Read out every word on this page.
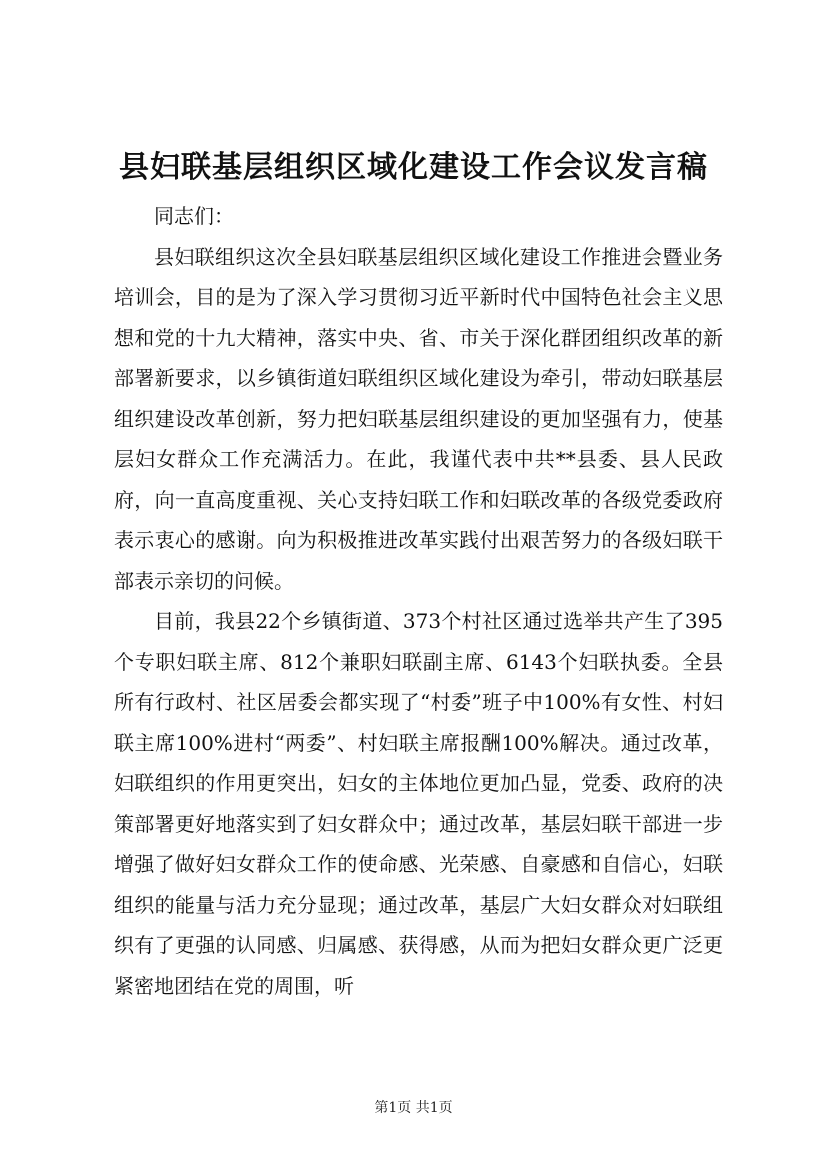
县妇联基层组织区域化建设工作会议发言稿

同志们：

县妇联组织这次全县妇联基层组织区域化建设工作推进会暨业务培训会，目的是为了深入学习贯彻习近平新时代中国特色社会主义思想和党的十九大精神，落实中央、省、市关于深化群团组织改革的新部署新要求，以乡镇街道妇联组织区域化建设为牵引，带动妇联基层组织建设改革创新，努力把妇联基层组织建设的更加坚强有力，使基层妇女群众工作充满活力。在此，我谨代表中共**县委、县人民政府，向一直高度重视、关心支持妇联工作和妇联改革的各级党委政府表示衷心的感谢。向为积极推进改革实践付出艰苦努力的各级妇联干部表示亲切的问候。

目前，我县22个乡镇街道、373个村社区通过选举共产生了395个专职妇联主席、812个兼职妇联副主席、6143个妇联执委。全县所有行政村、社区居委会都实现了“村委”班子中100%有女性、村妇联主席100%进村“两委”、村妇联主席报酬100%解决。通过改革，妇联组织的作用更突出，妇女的主体地位更加凸显，党委、政府的决策部署更好地落实到了妇女群众中；通过改革，基层妇联干部进一步增强了做好妇女群众工作的使命感、光荣感、自豪感和自信心，妇联组织的能量与活力充分显现；通过改革，基层广大妇女群众对妇联组织有了更强的认同感、归属感、获得感，从而为把妇女群众更广泛更紧密地团结在党的周围，听

第1页 共1页
